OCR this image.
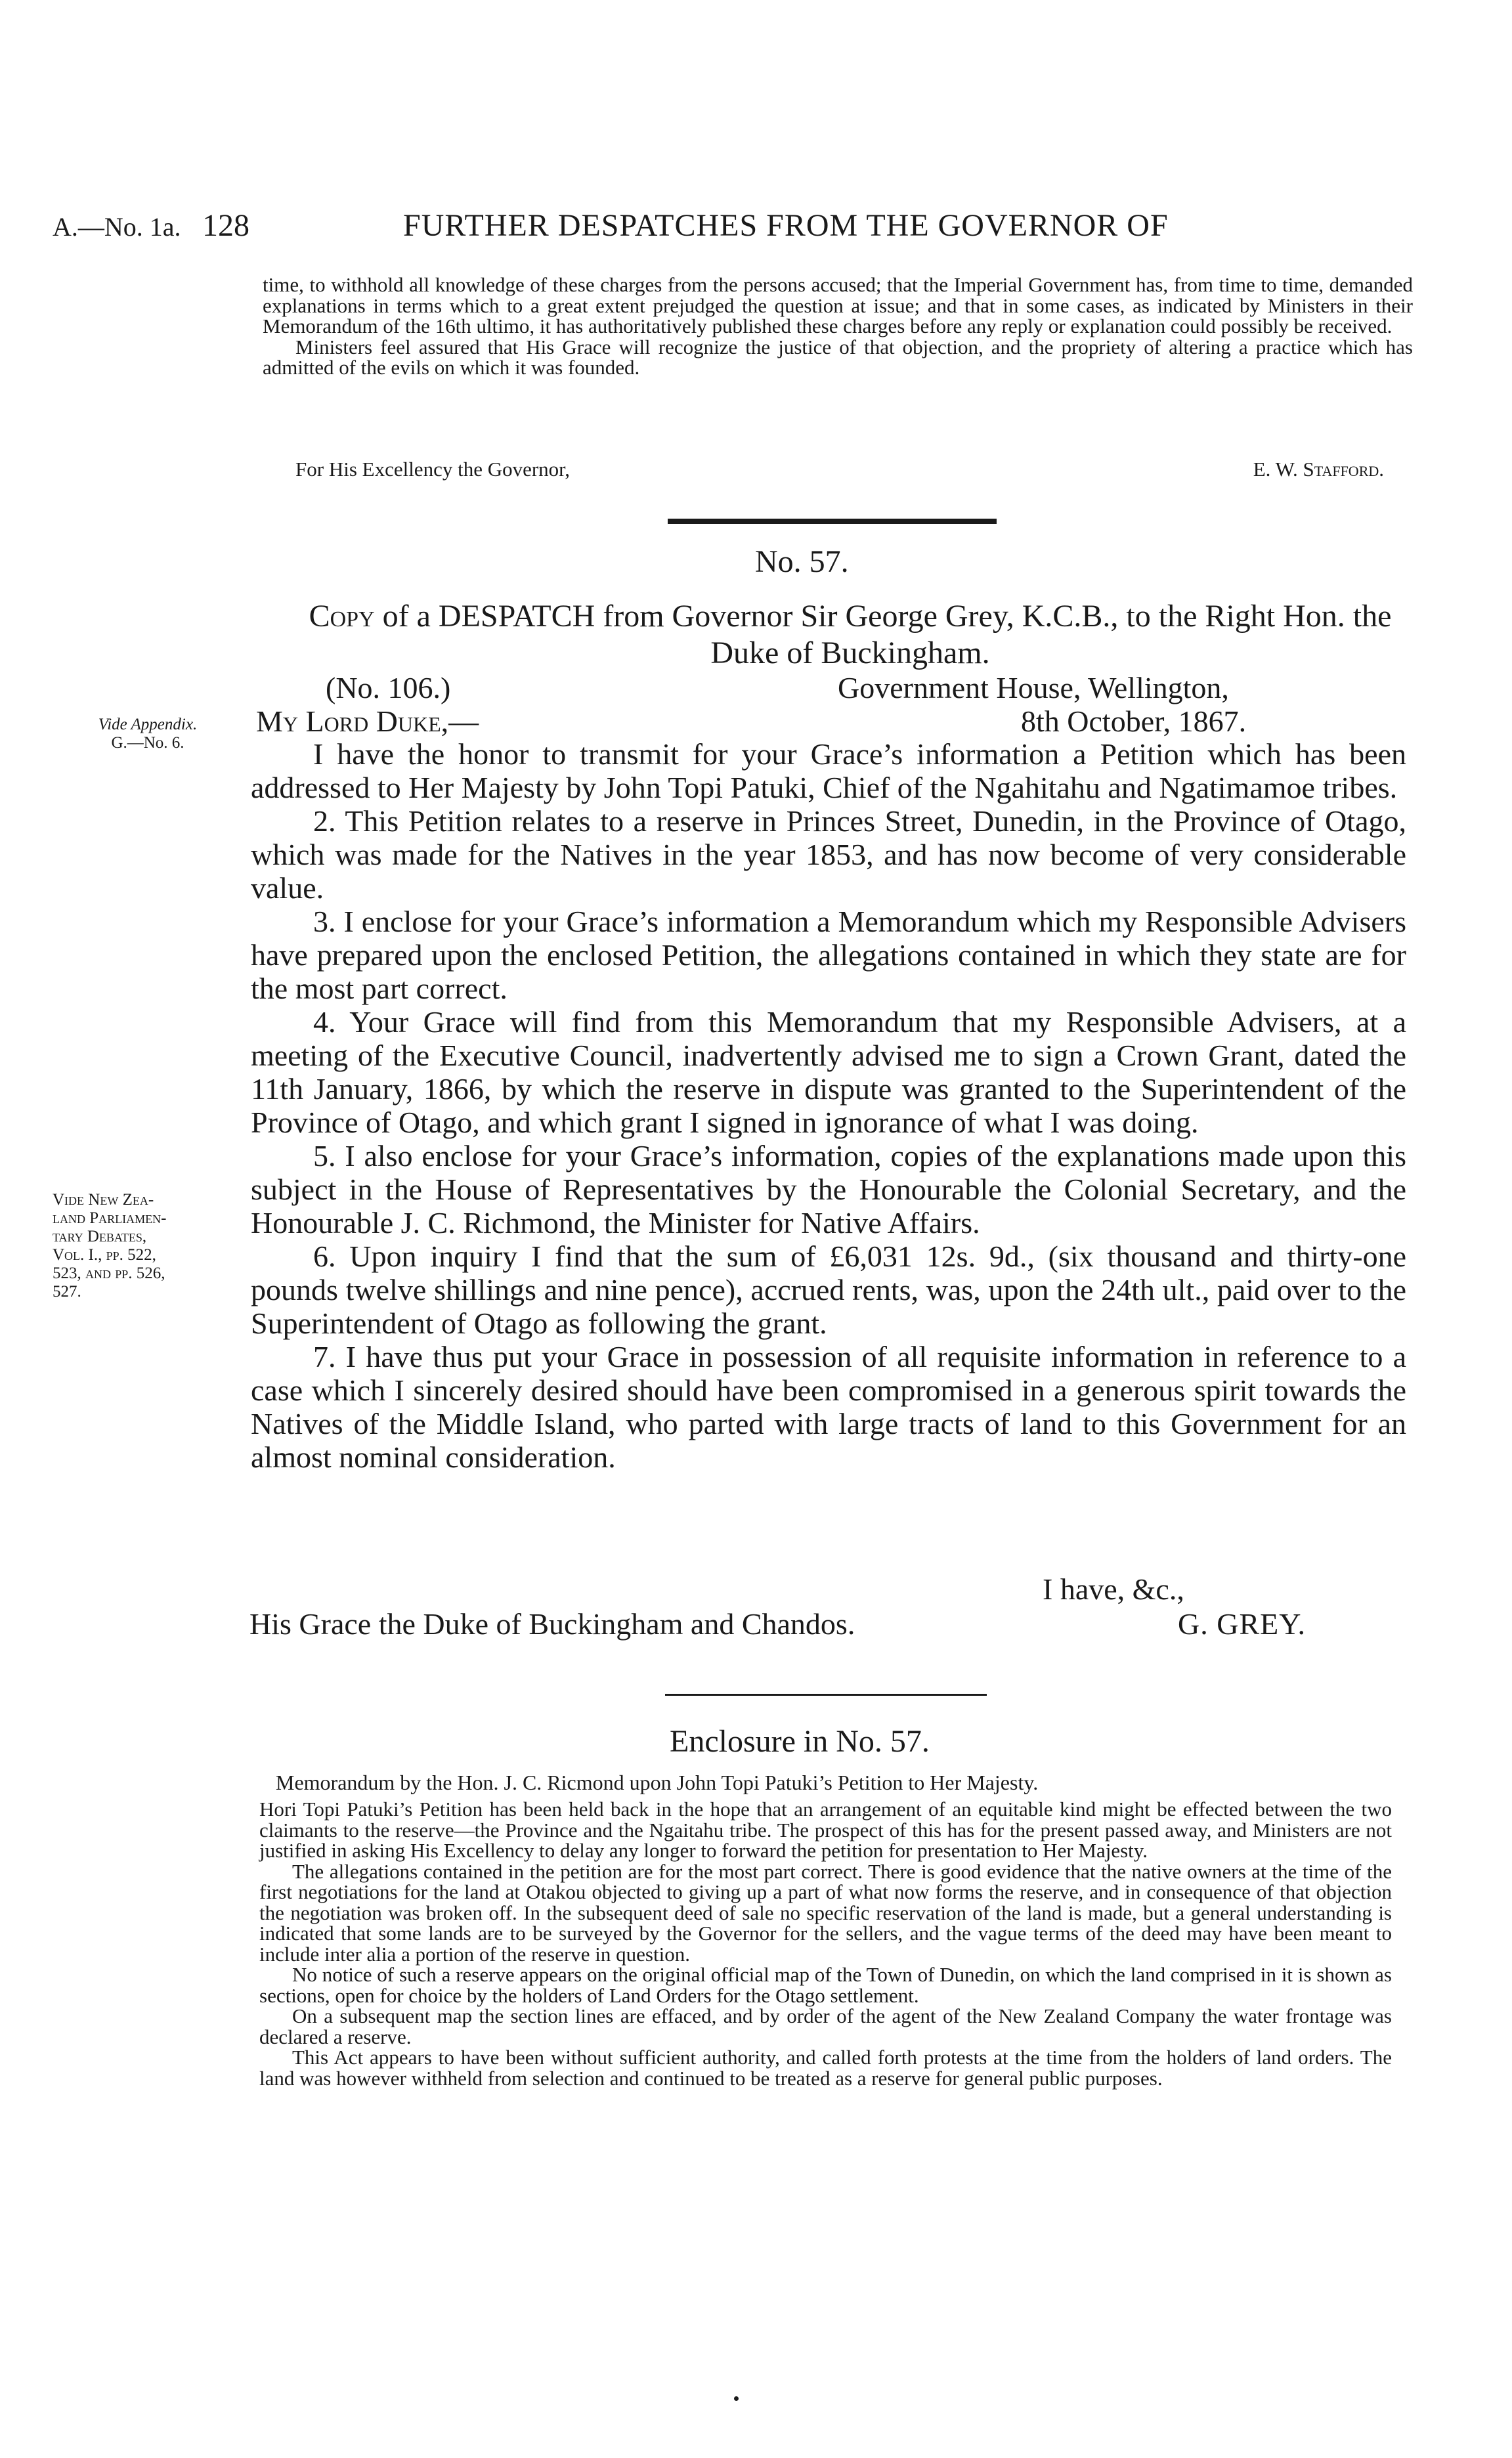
A.—No. 1a. 128	FURTHER DESPATCHES FROM THE GOVERNOR OF

time, to withhold all knowledge of these charges from the persons accused; that the Imperial Government has, from time to time, demanded explanations in terms which to a great extent prejudged the question at issue; and that in some cases, as indicated by Ministers in their Memorandum of the 16th ultimo, it has authoritatively published these charges before any reply or explanation could possibly be received.

Ministers feel assured that His Grace will recognize the justice of that objection, and the propriety of altering a practice which has admitted of the evils on which it was founded.

For His Excellency the Governor,	E. W. Stafford.
No. 57.
Copy of a DESPATCH from Governor Sir George Grey, K.C.B., to the Right Hon. the Duke of Buckingham.
(No. 106.)	Government House, Wellington,
My Lord Duke,—	8th October, 1867.

I have the honor to transmit for your Grace’s information a Petition which has been addressed to Her Majesty by John Topi Patuki, Chief of the Ngahitahu and Ngatimamoe tribes.

2. This Petition relates to a reserve in Princes Street, Dunedin, in the Province of Otago, which was made for the Natives in the year 1853, and has now become of very considerable value.

3. I enclose for your Grace’s information a Memorandum which my Responsible Advisers have prepared upon the enclosed Petition, the allegations contained in which they state are for the most part correct.

4. Your Grace will find from this Memorandum that my Responsible Advisers, at a meeting of the Executive Council, inadvertently advised me to sign a Crown Grant, dated the 11th January, 1866, by which the reserve in dispute was granted to the Superintendent of the Province of Otago, and which grant I signed in ignorance of what I was doing.

5. I also enclose for your Grace’s information, copies of the explanations made upon this subject in the House of Representatives by the Honourable the Colonial Secretary, and the Honourable J. C. Richmond, the Minister for Native Affairs.

6. Upon inquiry I find that the sum of £6,031 12s. 9d., (six thousand and thirty-one pounds twelve shillings and nine pence), accrued rents, was, upon the 24th ult., paid over to the Superintendent of Otago as following the grant.

7. I have thus put your Grace in possession of all requisite information in reference to a case which I sincerely desired should have been compromised in a generous spirit towards the Natives of the Middle Island, who parted with large tracts of land to this Government for an almost nominal consideration.

I have, &c.,
His Grace the Duke of Buckingham and Chandos.	G. GREY.
Vide Appendix.
G.—No. 6.
Vide New Zea-
land Parliamen-
tary Debates,
Vol. I., pp. 522,
523, and pp. 526,
527.
Enclosure in No. 57.
Memorandum by the Hon. J. C. Ricmond upon John Topi Patuki’s Petition to Her Majesty.

Hori Topi Patuki’s Petition has been held back in the hope that an arrangement of an equitable kind might be effected between the two claimants to the reserve—the Province and the Ngaitahu tribe. The prospect of this has for the present passed away, and Ministers are not justified in asking His Excellency to delay any longer to forward the petition for presentation to Her Majesty.

The allegations contained in the petition are for the most part correct. There is good evidence that the native owners at the time of the first negotiations for the land at Otakou objected to giving up a part of what now forms the reserve, and in consequence of that objection the negotiation was broken off. In the subsequent deed of sale no specific reservation of the land is made, but a general understanding is indicated that some lands are to be surveyed by the Governor for the sellers, and the vague terms of the deed may have been meant to include inter alia a portion of the reserve in question.

No notice of such a reserve appears on the original official map of the Town of Dunedin, on which the land comprised in it is shown as sections, open for choice by the holders of Land Orders for the Otago settlement.

On a subsequent map the section lines are effaced, and by order of the agent of the New Zealand Company the water frontage was declared a reserve.

This Act appears to have been without sufficient authority, and called forth protests at the time from the holders of land orders. The land was however withheld from selection and continued to be treated as a reserve for general public purposes.
